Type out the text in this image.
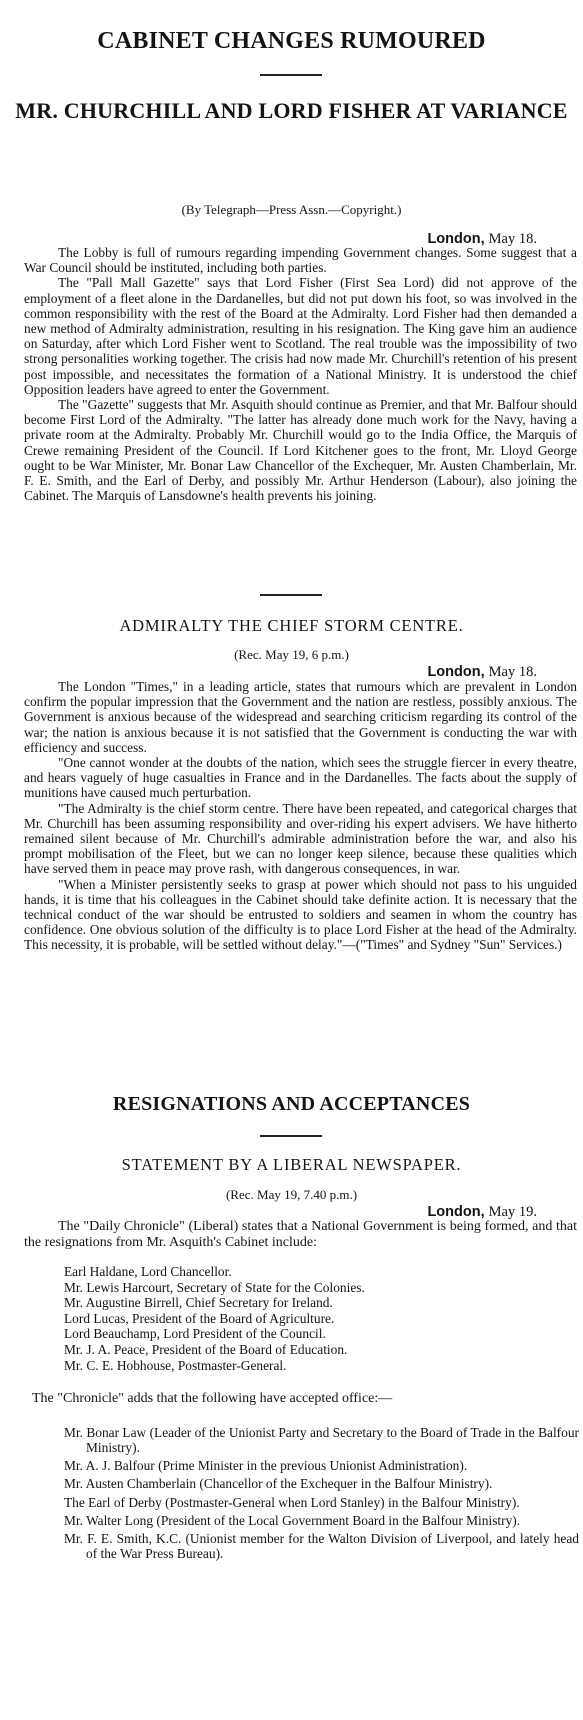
CABINET CHANGES RUMOURED
MR. CHURCHILL AND LORD FISHER AT VARIANCE
(By Telegraph—Press Assn.—Copyright.)
London, May 18.
The Lobby is full of rumours regarding impending Government changes. Some suggest that a War Council should be instituted, including both parties.
The "Pall Mall Gazette" says that Lord Fisher (First Sea Lord) did not approve of the employment of a fleet alone in the Dardanelles, but did not put down his foot, so was involved in the common responsibility with the rest of the Board at the Admiralty. Lord Fisher had then demanded a new method of Admiralty administration, resulting in his resignation. The King gave him an audience on Saturday, after which Lord Fisher went to Scotland. The real trouble was the impossibility of two strong personalities working together. The crisis had now made Mr. Churchill's retention of his present post impossible, and necessitates the formation of a National Ministry. It is understood the chief Opposition leaders have agreed to enter the Government.
The "Gazette" suggests that Mr. Asquith should continue as Premier, and that Mr. Balfour should become First Lord of the Admiralty. "The latter has already done much work for the Navy, having a private room at the Admiralty. Probably Mr. Churchill would go to the India Office, the Marquis of Crewe remaining President of the Council. If Lord Kitchener goes to the front, Mr. Lloyd George ought to be War Minister, Mr. Bonar Law Chancellor of the Exchequer, Mr. Austen Chamberlain, Mr. F. E. Smith, and the Earl of Derby, and possibly Mr. Arthur Henderson (Labour), also joining the Cabinet. The Marquis of Lansdowne's health prevents his joining.
ADMIRALTY THE CHIEF STORM CENTRE.
(Rec. May 19, 6 p.m.)
London, May 18.
The London "Times," in a leading article, states that rumours which are prevalent in London confirm the popular impression that the Government and the nation are restless, possibly anxious. The Government is anxious because of the widespread and searching criticism regarding its control of the war; the nation is anxious because it is not satisfied that the Government is conducting the war with efficiency and success.
"One cannot wonder at the doubts of the nation, which sees the struggle fiercer in every theatre, and hears vaguely of huge casualties in France and in the Dardanelles. The facts about the supply of munitions have caused much perturbation.
"The Admiralty is the chief storm centre. There have been repeated, and categorical charges that Mr. Churchill has been assuming responsibility and over-riding his expert advisers. We have hitherto remained silent because of Mr. Churchill's admirable administration before the war, and also his prompt mobilisation of the Fleet, but we can no longer keep silence, because these qualities which have served them in peace may prove rash, with dangerous consequences, in war.
"When a Minister persistently seeks to grasp at power which should not pass to his unguided hands, it is time that his colleagues in the Cabinet should take definite action. It is necessary that the technical conduct of the war should be entrusted to soldiers and seamen in whom the country has confidence. One obvious solution of the difficulty is to place Lord Fisher at the head of the Admiralty. This necessity, it is probable, will be settled without delay."—("Times" and Sydney "Sun" Services.)
RESIGNATIONS AND ACCEPTANCES
STATEMENT BY A LIBERAL NEWSPAPER.
(Rec. May 19, 7.40 p.m.)
London, May 19.
The "Daily Chronicle" (Liberal) states that a National Government is being formed, and that the resignations from Mr. Asquith's Cabinet include:
Earl Haldane, Lord Chancellor.
Mr. Lewis Harcourt, Secretary of State for the Colonies.
Mr. Augustine Birrell, Chief Secretary for Ireland.
Lord Lucas, President of the Board of Agriculture.
Lord Beauchamp, Lord President of the Council.
Mr. J. A. Peace, President of the Board of Education.
Mr. C. E. Hobhouse, Postmaster-General.
The "Chronicle" adds that the following have accepted office:—
Mr. Bonar Law (Leader of the Unionist Party and Secretary to the Board of Trade in the Balfour Ministry).
Mr. A. J. Balfour (Prime Minister in the previous Unionist Administration).
Mr. Austen Chamberlain (Chancellor of the Exchequer in the Balfour Ministry).
The Earl of Derby (Postmaster-General when Lord Stanley) in the Balfour Ministry).
Mr. Walter Long (President of the Local Government Board in the Balfour Ministry).
Mr. F. E. Smith, K.C. (Unionist member for the Walton Division of Liverpool, and lately head of the War Press Bureau).
